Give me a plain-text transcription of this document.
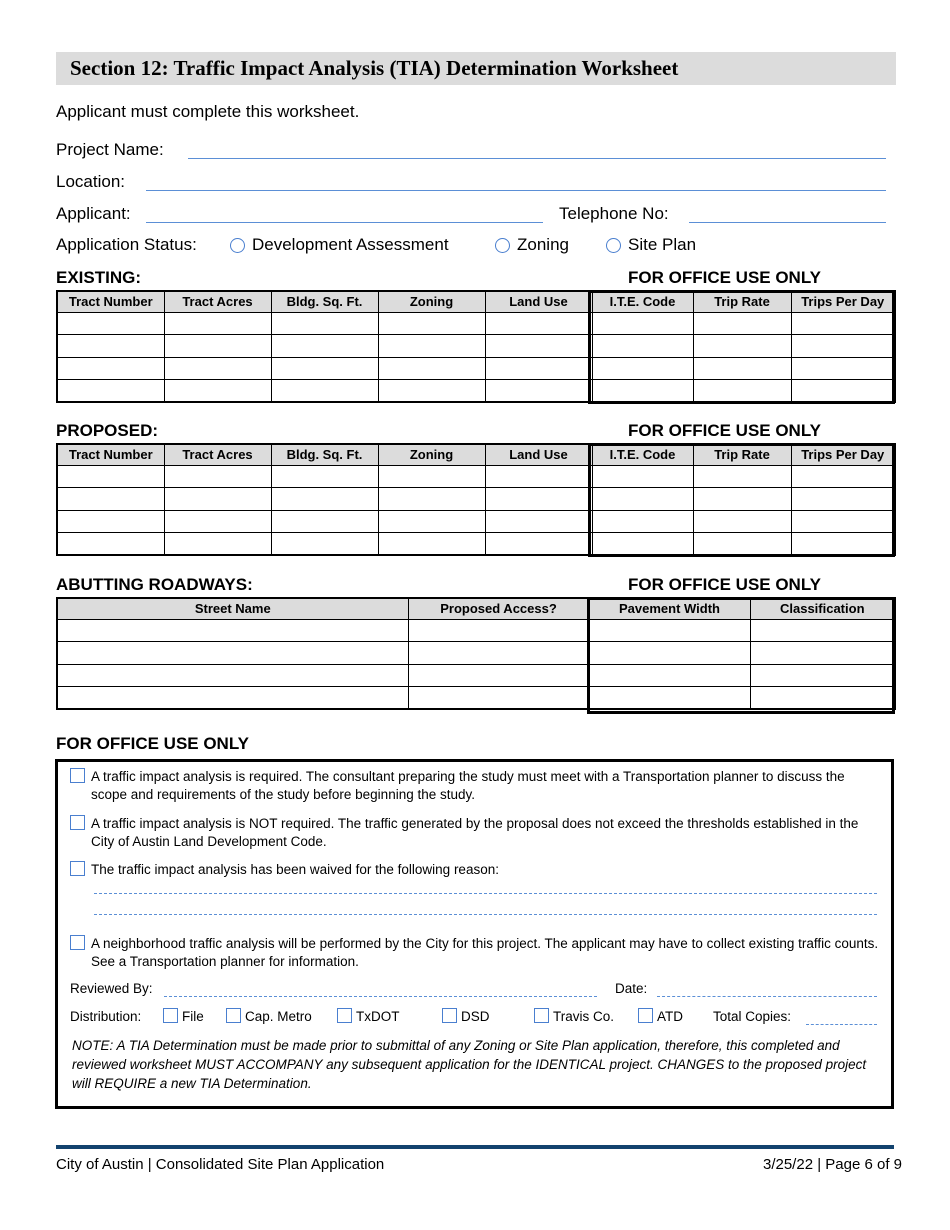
Section 12: Traffic Impact Analysis (TIA) Determination Worksheet
Applicant must complete this worksheet.
Project Name:
Location:
Applicant:	Telephone No:
Application Status:	Development Assessment	Zoning	Site Plan
EXISTING:	FOR OFFICE USE ONLY
Tract Number	Tract Acres	Bldg. Sq. Ft.	Zoning	Land Use	I.T.E. Code	Trip Rate	Trips Per Day

PROPOSED:	FOR OFFICE USE ONLY
Tract Number	Tract Acres	Bldg. Sq. Ft.	Zoning	Land Use	I.T.E. Code	Trip Rate	Trips Per Day

ABUTTING ROADWAYS:	FOR OFFICE USE ONLY
Street Name	Proposed Access?	Pavement Width	Classification

FOR OFFICE USE ONLY
A traffic impact analysis is required. The consultant preparing the study must meet with a Transportation planner to discuss the scope and requirements of the study before beginning the study.
A traffic impact analysis is NOT required. The traffic generated by the proposal does not exceed the thresholds established in the City of Austin Land Development Code.
The traffic impact analysis has been waived for the following reason:
A neighborhood traffic analysis will be performed by the City for this project. The applicant may have to collect existing traffic counts. See a Transportation planner for information.
Reviewed By:	Date:
Distribution:	File	Cap. Metro	TxDOT	DSD	Travis Co.	ATD Total Copies:
NOTE: A TIA Determination must be made prior to submittal of any Zoning or Site Plan application, therefore, this completed and reviewed worksheet MUST ACCOMPANY any subsequent application for the IDENTICAL project. CHANGES to the proposed project will REQUIRE a new TIA Determination.
City of Austin | Consolidated Site Plan Application	3/25/22 | Page 6 of 9
